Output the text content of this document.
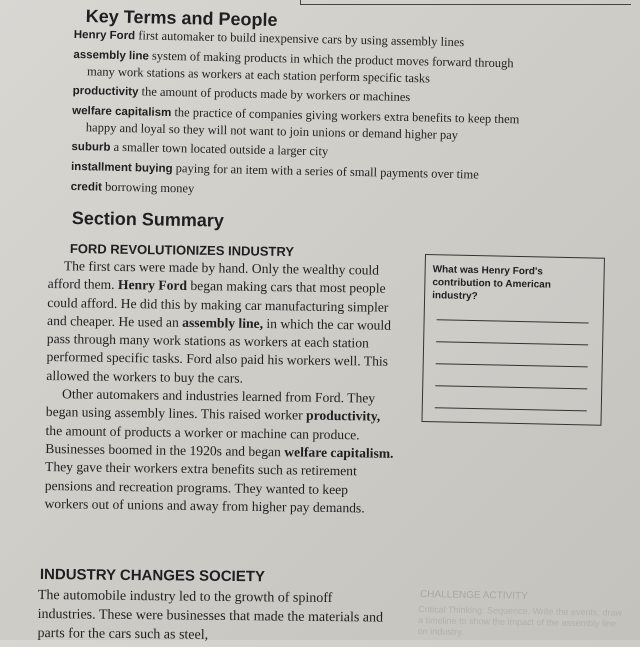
Key Terms and People
Henry Ford first automaker to build inexpensive cars by using assembly lines
assembly line system of making products in which the product moves forward through
many work stations as workers at each station perform specific tasks
productivity the amount of products made by workers or machines
welfare capitalism the practice of companies giving workers extra benefits to keep them
happy and loyal so they will not want to join unions or demand higher pay
suburb a smaller town located outside a larger city
installment buying paying for an item with a series of small payments over time
credit borrowing money
Section Summary
FORD REVOLUTIONIZES INDUSTRY

The first cars were made by hand. Only the wealthy could afford them. Henry Ford began making cars that most people could afford. He did this by making car manufacturing simpler and cheaper. He used an assembly line, in which the car would pass through many work stations as workers at each station performed specific tasks. Ford also paid his workers well. This allowed the workers to buy the cars.

Other automakers and industries learned from Ford. They began using assembly lines. This raised worker productivity, the amount of products a worker or machine can produce. Businesses boomed in the 1920s and began welfare capitalism. They gave their workers extra benefits such as retirement pensions and recreation programs. They wanted to keep workers out of unions and away from higher pay demands.

What was Henry Ford's contribution to American industry?
CHALLENGE ACTIVITY
Critical Thinking: Sequence. Write the events, draw a timeline to show the impact of the assembly line on industry.
INDUSTRY CHANGES SOCIETY
The automobile industry led to the growth of spinoff industries. These were businesses that made the materials and parts for the cars such as steel,
